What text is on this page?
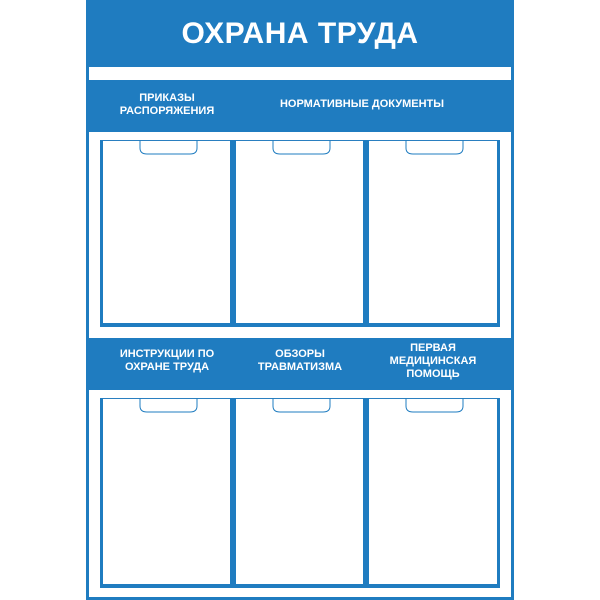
ОХРАНА ТРУДА
ПРИКАЗЫ
РАСПОРЯЖЕНИЯ
НОРМАТИВНЫЕ ДОКУМЕНТЫ
ИНСТРУКЦИИ ПО
ОХРАНЕ ТРУДА
ОБЗОРЫ
ТРАВМАТИЗМА
ПЕРВАЯ
МЕДИЦИНСКАЯ
ПОМОЩЬ
